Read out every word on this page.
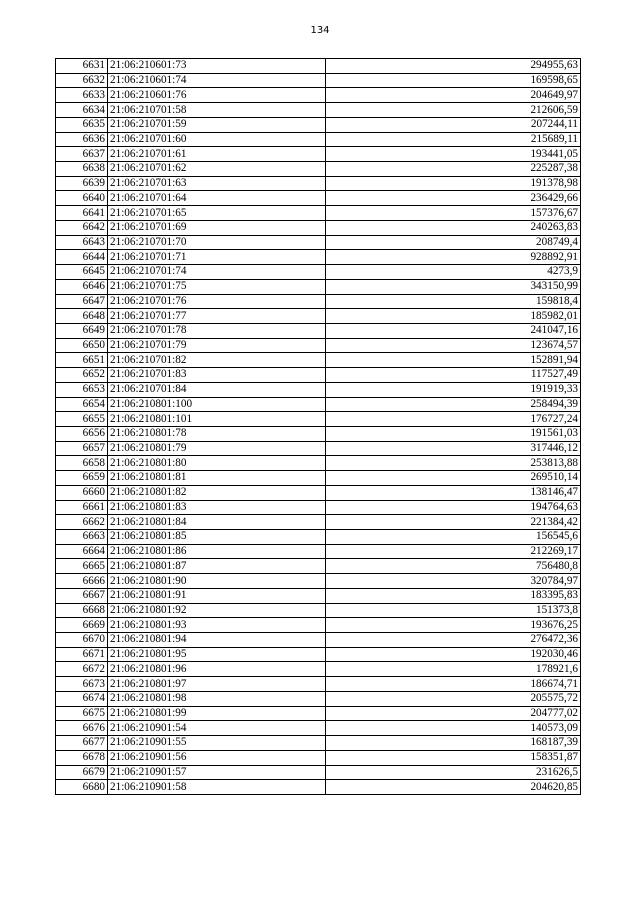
134
6631	21:06:210601:73	294955,63
6632	21:06:210601:74	169598,65
6633	21:06:210601:76	204649,97
6634	21:06:210701:58	212606,59
6635	21:06:210701:59	207244,11
6636	21:06:210701:60	215689,11
6637	21:06:210701:61	193441,05
6638	21:06:210701:62	225287,38
6639	21:06:210701:63	191378,98
6640	21:06:210701:64	236429,66
6641	21:06:210701:65	157376,67
6642	21:06:210701:69	240263,83
6643	21:06:210701:70	208749,4
6644	21:06:210701:71	928892,91
6645	21:06:210701:74	4273,9
6646	21:06:210701:75	343150,99
6647	21:06:210701:76	159818,4
6648	21:06:210701:77	185982,01
6649	21:06:210701:78	241047,16
6650	21:06:210701:79	123674,57
6651	21:06:210701:82	152891,94
6652	21:06:210701:83	117527,49
6653	21:06:210701:84	191919,33
6654	21:06:210801:100	258494,39
6655	21:06:210801:101	176727,24
6656	21:06:210801:78	191561,03
6657	21:06:210801:79	317446,12
6658	21:06:210801:80	253813,88
6659	21:06:210801:81	269510,14
6660	21:06:210801:82	138146,47
6661	21:06:210801:83	194764,63
6662	21:06:210801:84	221384,42
6663	21:06:210801:85	156545,6
6664	21:06:210801:86	212269,17
6665	21:06:210801:87	756480,8
6666	21:06:210801:90	320784,97
6667	21:06:210801:91	183395,83
6668	21:06:210801:92	151373,8
6669	21:06:210801:93	193676,25
6670	21:06:210801:94	276472,36
6671	21:06:210801:95	192030,46
6672	21:06:210801:96	178921,6
6673	21:06:210801:97	186674,71
6674	21:06:210801:98	205575,72
6675	21:06:210801:99	204777,02
6676	21:06:210901:54	140573,09
6677	21:06:210901:55	168187,39
6678	21:06:210901:56	158351,87
6679	21:06:210901:57	231626,5
6680	21:06:210901:58	204620,85
